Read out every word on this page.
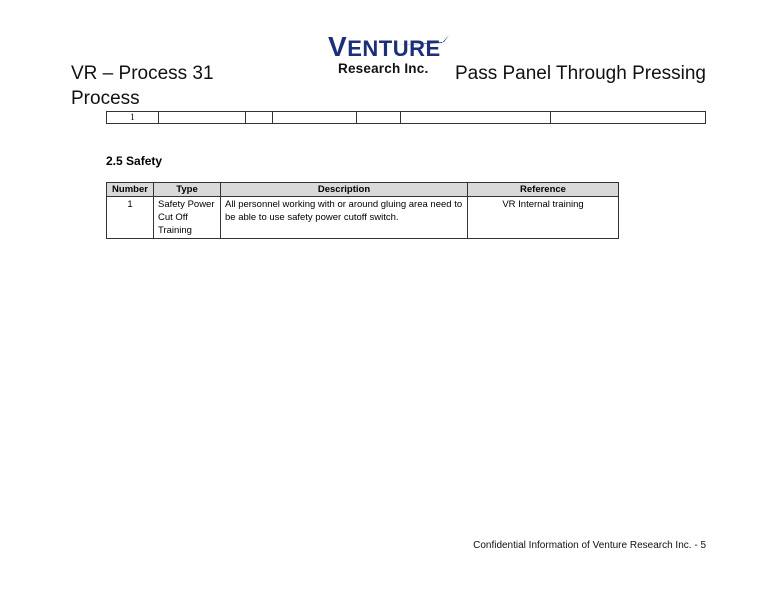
VR – Process 31
Process
VENTURE
Research Inc. Pass Panel Through Pressing
1						
2.5 Safety
Number	Type	Description	Reference
1	Safety Power Cut Off Training	All personnel working with or around gluing area need to be able to use safety power cutoff switch.	VR Internal training
Confidential Information of Venture Research Inc. - 5
